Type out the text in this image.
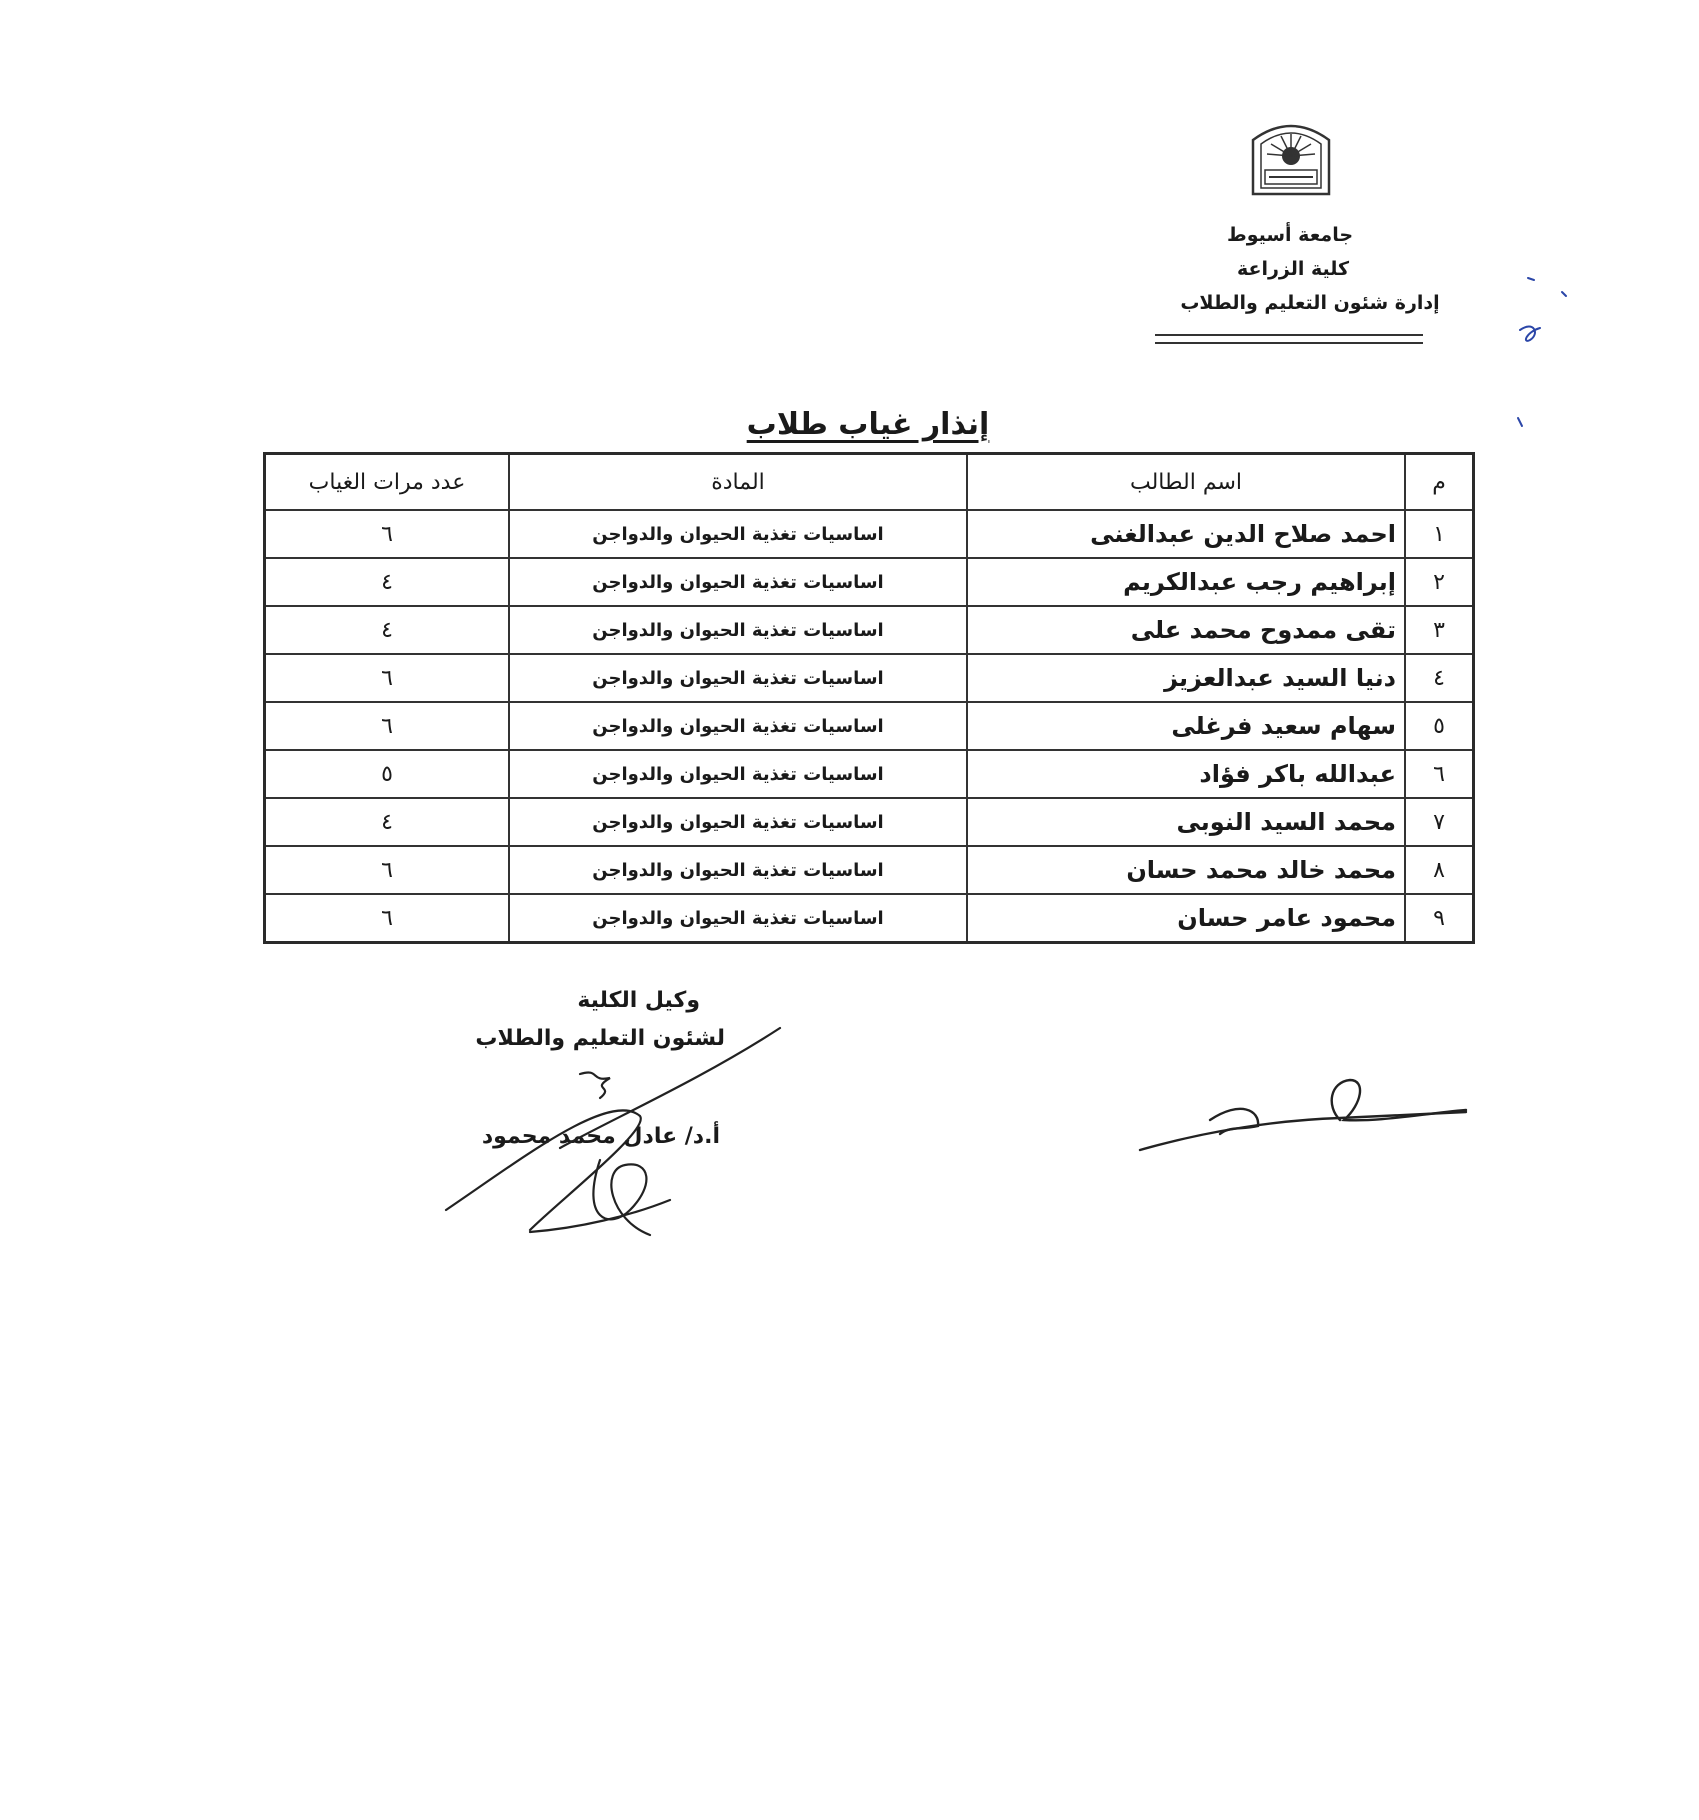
جامعة أسيوط
كلية الزراعة
إدارة شئون التعليم والطلاب
إنذار غياب طلاب
م	اسم الطالب	المادة	عدد مرات الغياب
١	احمد صلاح الدين عبدالغنى	اساسيات تغذية الحيوان والدواجن	٦
٢	إبراهيم رجب عبدالكريم	اساسيات تغذية الحيوان والدواجن	٤
٣	تقى ممدوح محمد على	اساسيات تغذية الحيوان والدواجن	٤
٤	دنيا السيد عبدالعزيز	اساسيات تغذية الحيوان والدواجن	٦
٥	سهام سعيد فرغلى	اساسيات تغذية الحيوان والدواجن	٦
٦	عبدالله باكر فؤاد	اساسيات تغذية الحيوان والدواجن	٥
٧	محمد السيد النوبى	اساسيات تغذية الحيوان والدواجن	٤
٨	محمد خالد محمد حسان	اساسيات تغذية الحيوان والدواجن	٦
٩	محمود عامر حسان	اساسيات تغذية الحيوان والدواجن	٦
وكيل الكلية
لشئون التعليم والطلاب
أ.د/ عادل محمد محمود
